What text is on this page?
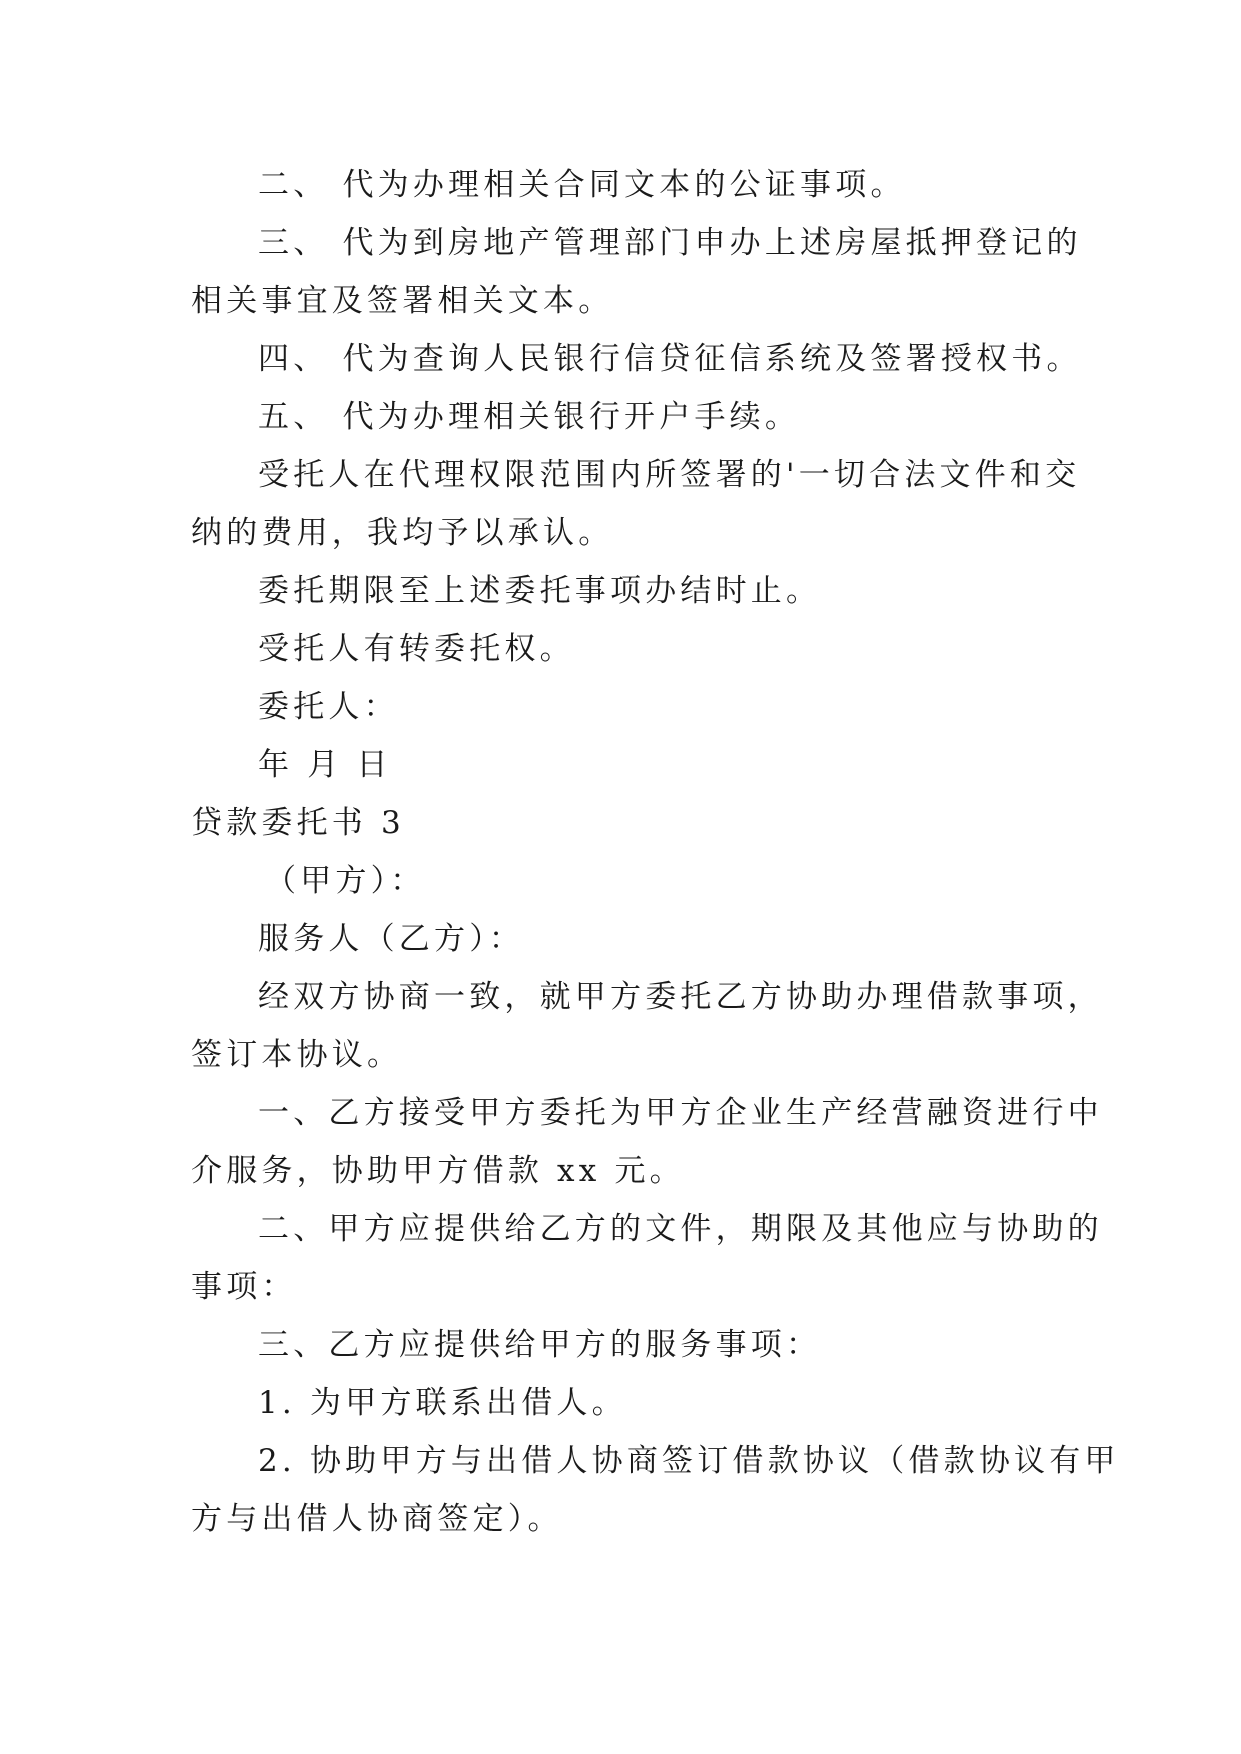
二、 代为办理相关合同文本的公证事项。
三、 代为到房地产管理部门申办上述房屋抵押登记的
相关事宜及签署相关文本。
四、 代为查询人民银行信贷征信系统及签署授权书。
五、 代为办理相关银行开户手续。
受托人在代理权限范围内所签署的'一切合法文件和交
纳的费用，我均予以承认。
委托期限至上述委托事项办结时止。
受托人有转委托权。
委托人：
年 月 日
贷款委托书 3
（甲方）：
服务人（乙方）：
经双方协商一致，就甲方委托乙方协助办理借款事项，
签订本协议。
一、乙方接受甲方委托为甲方企业生产经营融资进行中
介服务，协助甲方借款 xx 元。
二、甲方应提供给乙方的文件，期限及其他应与协助的
事项：
三、乙方应提供给甲方的服务事项：
1. 为甲方联系出借人。
2. 协助甲方与出借人协商签订借款协议（借款协议有甲
方与出借人协商签定）。
